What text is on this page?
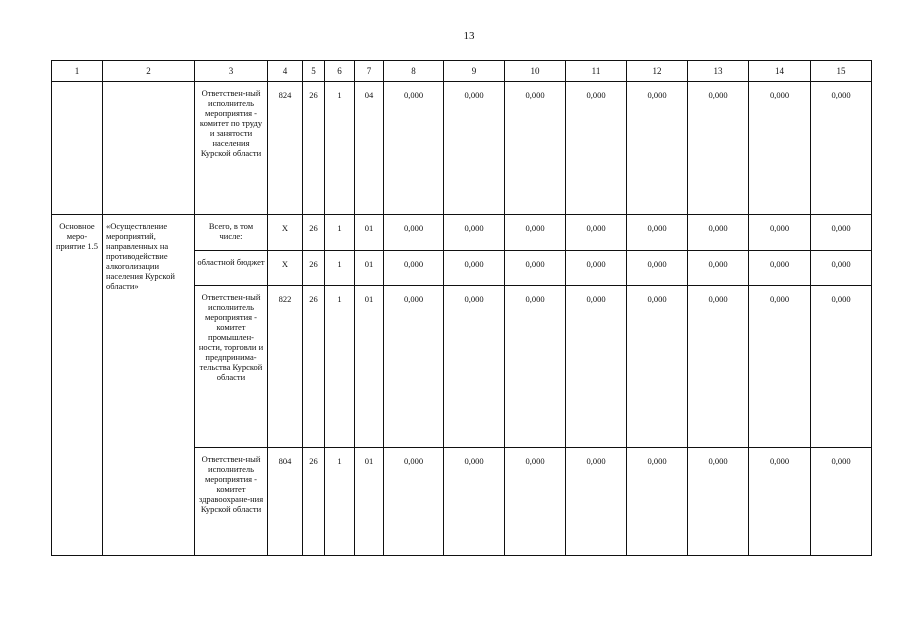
13
1	2	3	4	5	6	7	8	9	10	11	12	13	14	15
		Ответствен-ный исполнитель мероприятия - комитет по труду и занятости населения Курской области	824	26	1	04	0,000	0,000	0,000	0,000	0,000	0,000	0,000	0,000
Основное меро-приятие 1.5	«Осуществление мероприятий, направленных на противодействие алкоголизации населения Курской области»	Всего, в том числе:	Х	26	1	01	0,000	0,000	0,000	0,000	0,000	0,000	0,000	0,000
		областной бюджет	Х	26	1	01	0,000	0,000	0,000	0,000	0,000	0,000	0,000	0,000
		Ответствен-ный исполнитель мероприятия - комитет промышлен-ности, торговли и предпринима-тельства Курской области	822	26	1	01	0,000	0,000	0,000	0,000	0,000	0,000	0,000	0,000
		Ответствен-ный исполнитель мероприятия - комитет здравоохране-ния Курской области	804	26	1	01	0,000	0,000	0,000	0,000	0,000	0,000	0,000	0,000
